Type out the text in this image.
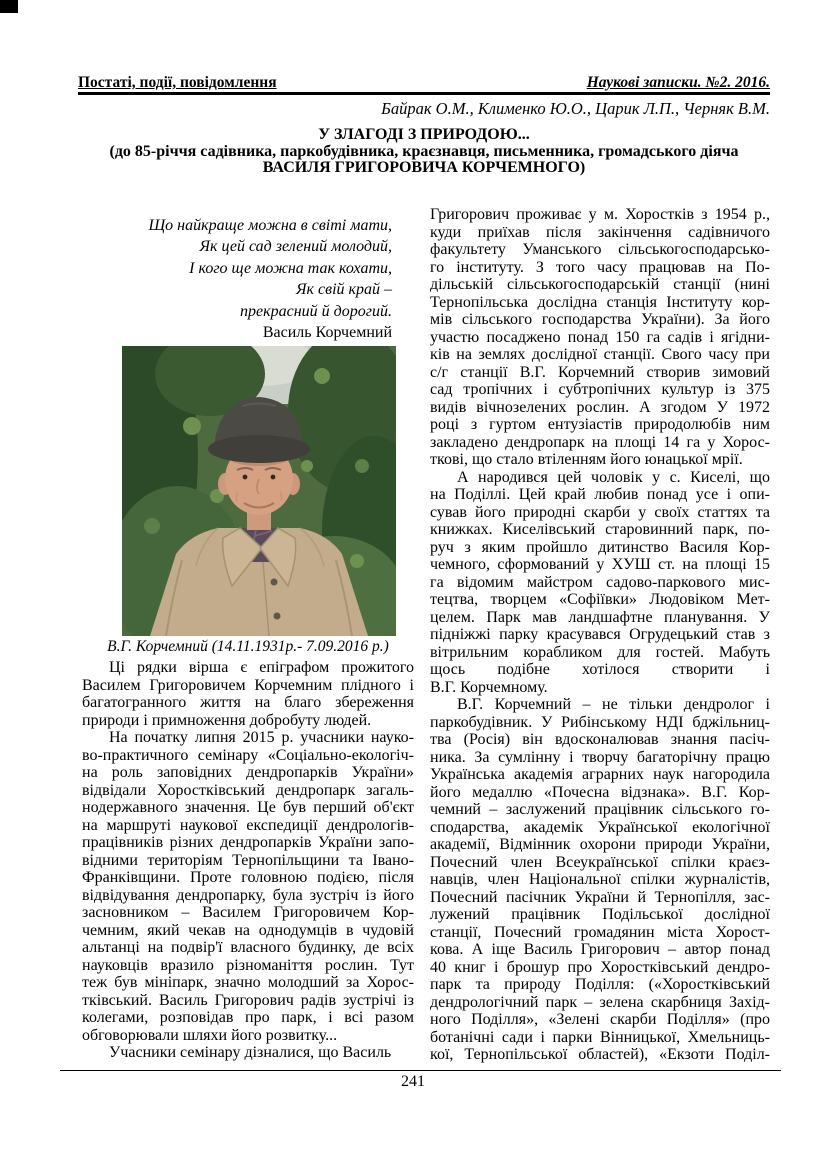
Постаті, події, повідомлення	Наукові записки. №2. 2016.
Байрак О.М., Клименко Ю.О., Царик Л.П., Черняк В.М.
У ЗЛАГОДІ З ПРИРОДОЮ...
(до 85-річчя садівника, паркобудівника, краєзнавця, письменника, громадського діяча
ВАСИЛЯ ГРИГОРОВИЧА КОРЧЕМНОГО)
Що найкраще можна в світі мати,
Як цей сад зелений молодий,
І кого ще можна так кохати,
Як свій край –
прекрасний й дорогий.
Василь Корчемний
В.Г. Корчемний (14.11.1931р.- 7.09.2016 р.)
Ці рядки вірша є епіграфом прожитого
Василем Григоровичем Корчемним плідного і
багатогранного життя на благо збереження
природи і примноження добробуту людей.
На початку липня 2015 р. учасники науко-
во-практичного семінару «Соціально-екологіч-
на роль заповідних дендропарків України»
відвідали Хоростківський дендропарк загаль-
нодержавного значення. Це був перший об'єкт
на маршруті наукової експедиції дендрологів-
працівників різних дендропарків України запо-
відними територіям Тернопільщини та Івано-
Франківщини. Проте головною подією, після
відвідування дендропарку, була зустріч із його
засновником – Василем Григоровичем Кор-
чемним, який чекав на однодумців в чудовій
альтанці на подвір'ї власного будинку, де всіх
науковців вразило різноманіття рослин. Тут
теж був мініпарк, значно молодший за Хорос-
тківський. Василь Григорович радів зустрічі із
колегами, розповідав про парк, і всі разом
обговорювали шляхи його розвитку...
Учасники семінару дізналися, що Василь
Григорович проживає у м. Хоростків з 1954 р.,
куди приїхав після закінчення садівничого
факультету Уманського сільськогосподарсько-
го інституту. З того часу працював на По-
дільській сільськогосподарській станції (нині
Тернопільська дослідна станція Інституту кор-
мів сільського господарства України). За його
участю посаджено понад 150 га садів і ягідни-
ків на землях дослідної станції. Свого часу при
с/г станції В.Г. Корчемний створив зимовий
сад тропічних і субтропічних культур із 375
видів вічнозелених рослин. А згодом У 1972
році з гуртом ентузіастів природолюбів ним
закладено дендропарк на площі 14 га у Хорос-
ткові, що стало втіленням його юнацької мрії.
А народився цей чоловік у с. Киселі, що
на Поділлі. Цей край любив понад усе і опи-
сував його природні скарби у своїх статтях та
книжках. Киселівський старовинний парк, по-
руч з яким пройшло дитинство Василя Кор-
чемного, сформований у ХУШ ст. на площі 15
га відомим майстром садово-паркового мис-
тецтва, творцем «Софіївки» Людовіком Мет-
целем. Парк мав ландшафтне планування. У
підніжжі парку красувався Огрудецький став з
вітрильним корабликом для гостей. Мабуть
щось подібне хотілося створити і
В.Г. Корчемному.
В.Г. Корчемний – не тільки дендролог і
паркобудівник. У Рибінському НДІ бджільниц-
тва (Росія) він вдосконалював знання пасіч-
ника. За сумлінну і творчу багаторічну працю
Українська академія аграрних наук нагородила
його медаллю «Почесна відзнака». В.Г. Кор-
чемний – заслужений працівник сільського го-
сподарства, академік Української екологічної
академії, Відмінник охорони природи України,
Почесний член Всеукраїнської спілки краєз-
навців, член Національної спілки журналістів,
Почесний пасічник України й Тернопілля, зас-
лужений працівник Подільської дослідної
станції, Почесний громадянин міста Хорост-
кова. А іще Василь Григорович – автор понад
40 книг і брошур про Хоростківський дендро-
парк та природу Поділля: («Хоростківський
дендрологічний парк – зелена скарбниця Захід-
ного Поділля», «Зелені скарби Поділля» (про
ботанічні сади і парки Вінницької, Хмельниць-
кої, Тернопільської областей), «Екзоти Поділ-
241
